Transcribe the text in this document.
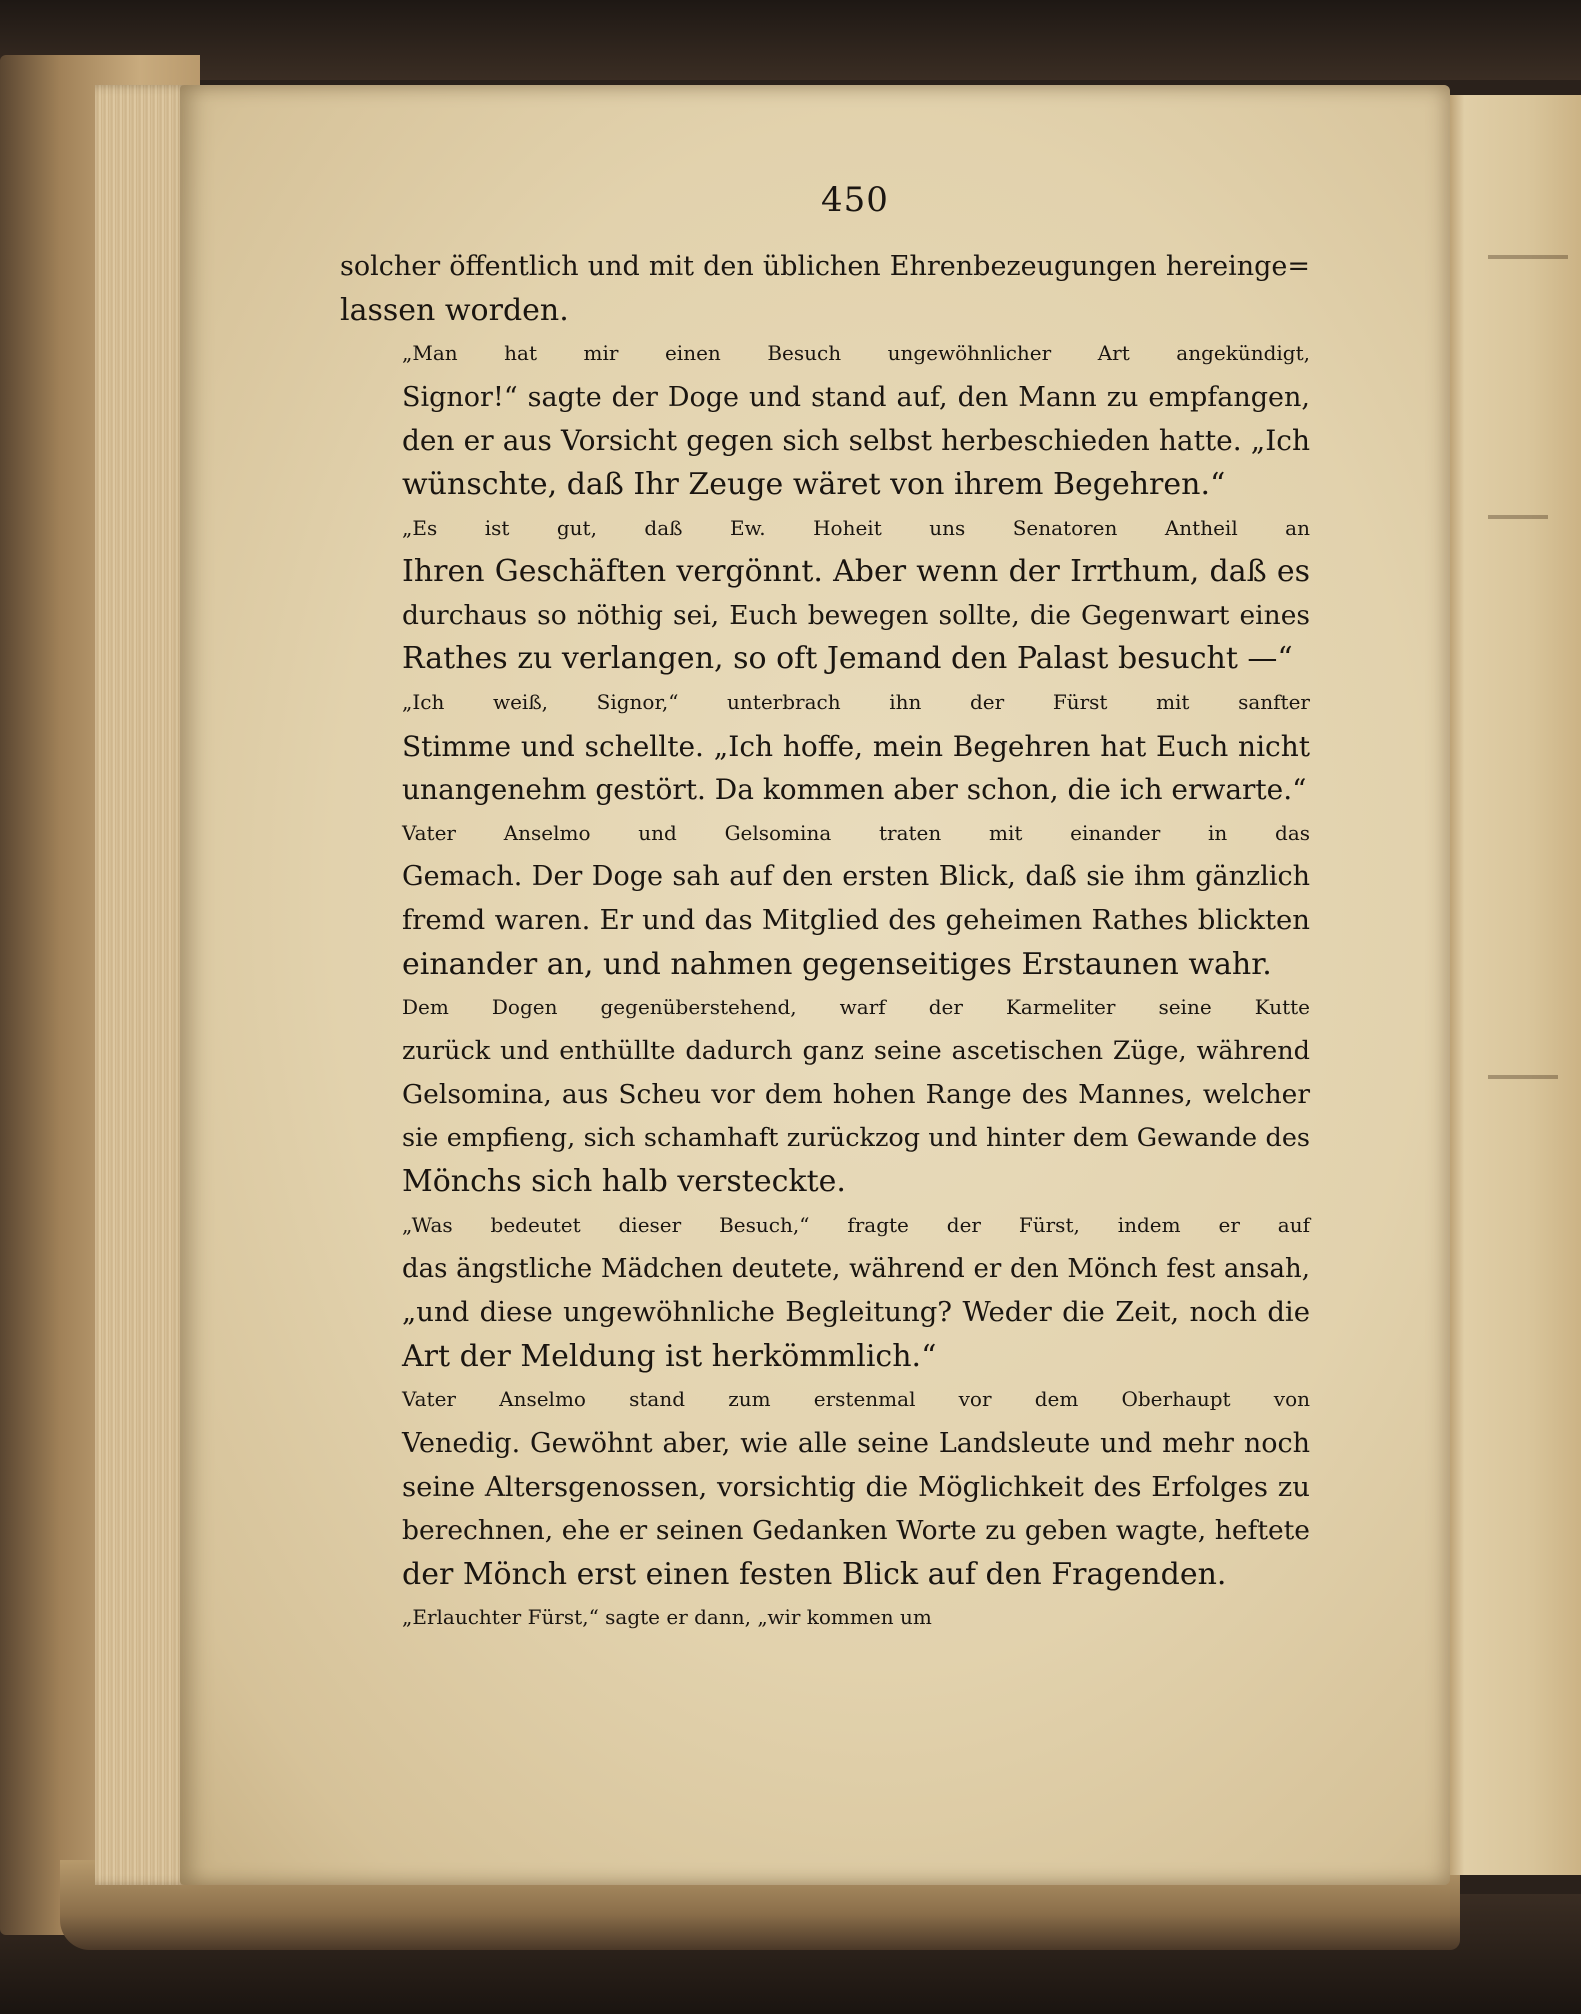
450

solcher öffentlich und mit den üblichen Ehrenbezeugungen hereinge=
lassen worden.

„Man hat mir einen Besuch ungewöhnlicher Art angekündigt,
Signor!“ sagte der Doge und stand auf, den Mann zu empfangen,
den er aus Vorsicht gegen sich selbst herbeschieden hatte. „Ich
wünschte, daß Ihr Zeuge wäret von ihrem Begehren.“

„Es ist gut, daß Ew. Hoheit uns Senatoren Antheil an
Ihren Geschäften vergönnt. Aber wenn der Irrthum, daß es
durchaus so nöthig sei, Euch bewegen sollte, die Gegenwart eines
Rathes zu verlangen, so oft Jemand den Palast besucht —“

„Ich weiß, Signor,“ unterbrach ihn der Fürst mit sanfter
Stimme und schellte. „Ich hoffe, mein Begehren hat Euch nicht
unangenehm gestört. Da kommen aber schon, die ich erwarte.“

Vater Anselmo und Gelsomina traten mit einander in das
Gemach. Der Doge sah auf den ersten Blick, daß sie ihm gänzlich
fremd waren. Er und das Mitglied des geheimen Rathes blickten
einander an, und nahmen gegenseitiges Erstaunen wahr.

Dem Dogen gegenüberstehend, warf der Karmeliter seine Kutte
zurück und enthüllte dadurch ganz seine ascetischen Züge, während
Gelsomina, aus Scheu vor dem hohen Range des Mannes, welcher
sie empfieng, sich schamhaft zurückzog und hinter dem Gewande des
Mönchs sich halb versteckte.

„Was bedeutet dieser Besuch,“ fragte der Fürst, indem er auf
das ängstliche Mädchen deutete, während er den Mönch fest ansah,
„und diese ungewöhnliche Begleitung? Weder die Zeit, noch die
Art der Meldung ist herkömmlich.“

Vater Anselmo stand zum erstenmal vor dem Oberhaupt von
Venedig. Gewöhnt aber, wie alle seine Landsleute und mehr noch
seine Altersgenossen, vorsichtig die Möglichkeit des Erfolges zu
berechnen, ehe er seinen Gedanken Worte zu geben wagte, heftete
der Mönch erst einen festen Blick auf den Fragenden.

„Erlauchter Fürst,“ sagte er dann, „wir kommen um
